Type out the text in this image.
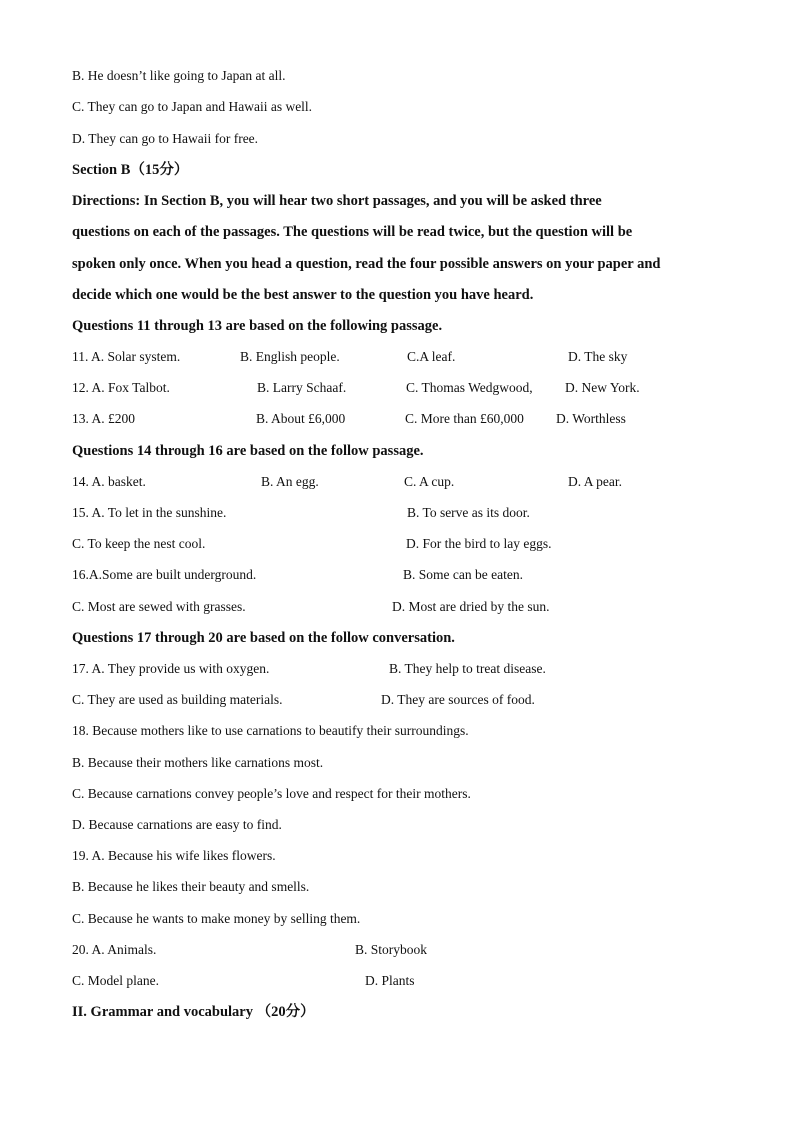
B. He doesn’t like going to Japan at all.
C. They can go to Japan and Hawaii as well.
D. They can go to Hawaii for free.
Section B（15分）
Directions: In Section B, you will hear two short passages, and you will be asked three
questions on each of the passages. The questions will be read twice, but the question will be
spoken only once. When you head a question, read the four possible answers on your paper and
decide which one would be the best answer to the question you have heard.
Questions 11 through 13 are based on the following passage.
11. A. Solar system.	B. English people.	C.A leaf.	D. The sky
12. A. Fox Talbot.	B. Larry Schaaf.	C. Thomas Wedgwood, D. New York.
13. A. £200	B. About £6,000	C. More than £60,000 D. Worthless
Questions 14 through 16 are based on the follow passage.
14. A. basket.	B. An egg.	C. A cup.	D. A pear.
15. A. To let in the sunshine.	B. To serve as its door.
C. To keep the nest cool.	D. For the bird to lay eggs.
16.A.Some are built underground.	B. Some can be eaten.
C. Most are sewed with grasses.	D. Most are dried by the sun.
Questions 17 through 20 are based on the follow conversation.
17. A. They provide us with oxygen.	B. They help to treat disease.
C. They are used as building materials.	D. They are sources of food.
18. Because mothers like to use carnations to beautify their surroundings.
B. Because their mothers like carnations most.
C. Because carnations convey people’s love and respect for their mothers.
D. Because carnations are easy to find.
19. A. Because his wife likes flowers.
B. Because he likes their beauty and smells.
C. Because he wants to make money by selling them.
20. A. Animals.	B. Storybook
C. Model plane.	D. Plants
II. Grammar and vocabulary （20分）
